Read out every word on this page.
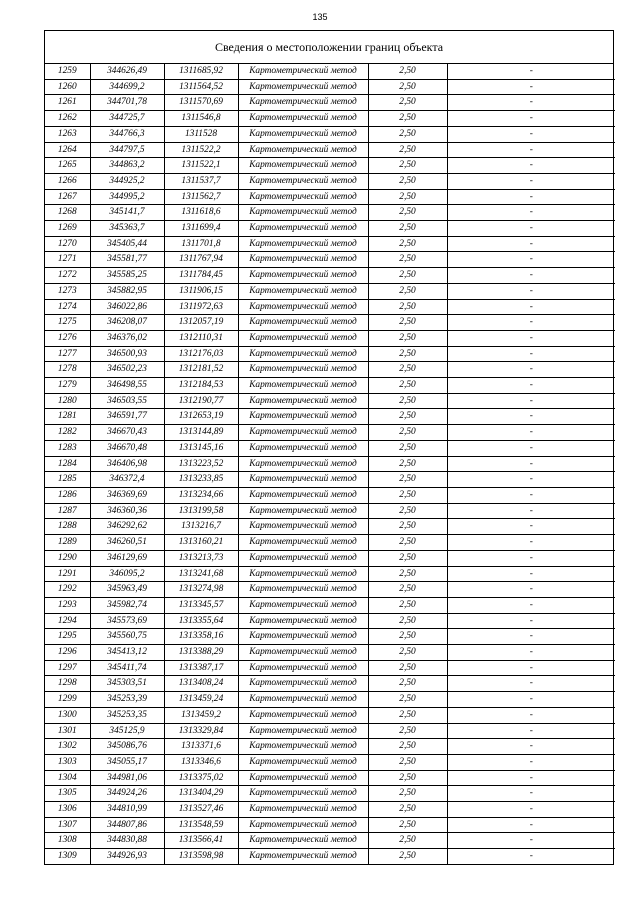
135
Сведения о местоположении границ объекта
1259	344626,49	1311685,92	Картометрический метод	2,50	-
1260	344699,2	1311564,52	Картометрический метод	2,50	-
1261	344701,78	1311570,69	Картометрический метод	2,50	-
1262	344725,7	1311546,8	Картометрический метод	2,50	-
1263	344766,3	1311528	Картометрический метод	2,50	-
1264	344797,5	1311522,2	Картометрический метод	2,50	-
1265	344863,2	1311522,1	Картометрический метод	2,50	-
1266	344925,2	1311537,7	Картометрический метод	2,50	-
1267	344995,2	1311562,7	Картометрический метод	2,50	-
1268	345141,7	1311618,6	Картометрический метод	2,50	-
1269	345363,7	1311699,4	Картометрический метод	2,50	-
1270	345405,44	1311701,8	Картометрический метод	2,50	-
1271	345581,77	1311767,94	Картометрический метод	2,50	-
1272	345585,25	1311784,45	Картометрический метод	2,50	-
1273	345882,95	1311906,15	Картометрический метод	2,50	-
1274	346022,86	1311972,63	Картометрический метод	2,50	-
1275	346208,07	1312057,19	Картометрический метод	2,50	-
1276	346376,02	1312110,31	Картометрический метод	2,50	-
1277	346500,93	1312176,03	Картометрический метод	2,50	-
1278	346502,23	1312181,52	Картометрический метод	2,50	-
1279	346498,55	1312184,53	Картометрический метод	2,50	-
1280	346503,55	1312190,77	Картометрический метод	2,50	-
1281	346591,77	1312653,19	Картометрический метод	2,50	-
1282	346670,43	1313144,89	Картометрический метод	2,50	-
1283	346670,48	1313145,16	Картометрический метод	2,50	-
1284	346406,98	1313223,52	Картометрический метод	2,50	-
1285	346372,4	1313233,85	Картометрический метод	2,50	-
1286	346369,69	1313234,66	Картометрический метод	2,50	-
1287	346360,36	1313199,58	Картометрический метод	2,50	-
1288	346292,62	1313216,7	Картометрический метод	2,50	-
1289	346260,51	1313160,21	Картометрический метод	2,50	-
1290	346129,69	1313213,73	Картометрический метод	2,50	-
1291	346095,2	1313241,68	Картометрический метод	2,50	-
1292	345963,49	1313274,98	Картометрический метод	2,50	-
1293	345982,74	1313345,57	Картометрический метод	2,50	-
1294	345573,69	1313355,64	Картометрический метод	2,50	-
1295	345560,75	1313358,16	Картометрический метод	2,50	-
1296	345413,12	1313388,29	Картометрический метод	2,50	-
1297	345411,74	1313387,17	Картометрический метод	2,50	-
1298	345303,51	1313408,24	Картометрический метод	2,50	-
1299	345253,39	1313459,24	Картометрический метод	2,50	-
1300	345253,35	1313459,2	Картометрический метод	2,50	-
1301	345125,9	1313329,84	Картометрический метод	2,50	-
1302	345086,76	1313371,6	Картометрический метод	2,50	-
1303	345055,17	1313346,6	Картометрический метод	2,50	-
1304	344981,06	1313375,02	Картометрический метод	2,50	-
1305	344924,26	1313404,29	Картометрический метод	2,50	-
1306	344810,99	1313527,46	Картометрический метод	2,50	-
1307	344807,86	1313548,59	Картометрический метод	2,50	-
1308	344830,88	1313566,41	Картометрический метод	2,50	-
1309	344926,93	1313598,98	Картометрический метод	2,50	-
